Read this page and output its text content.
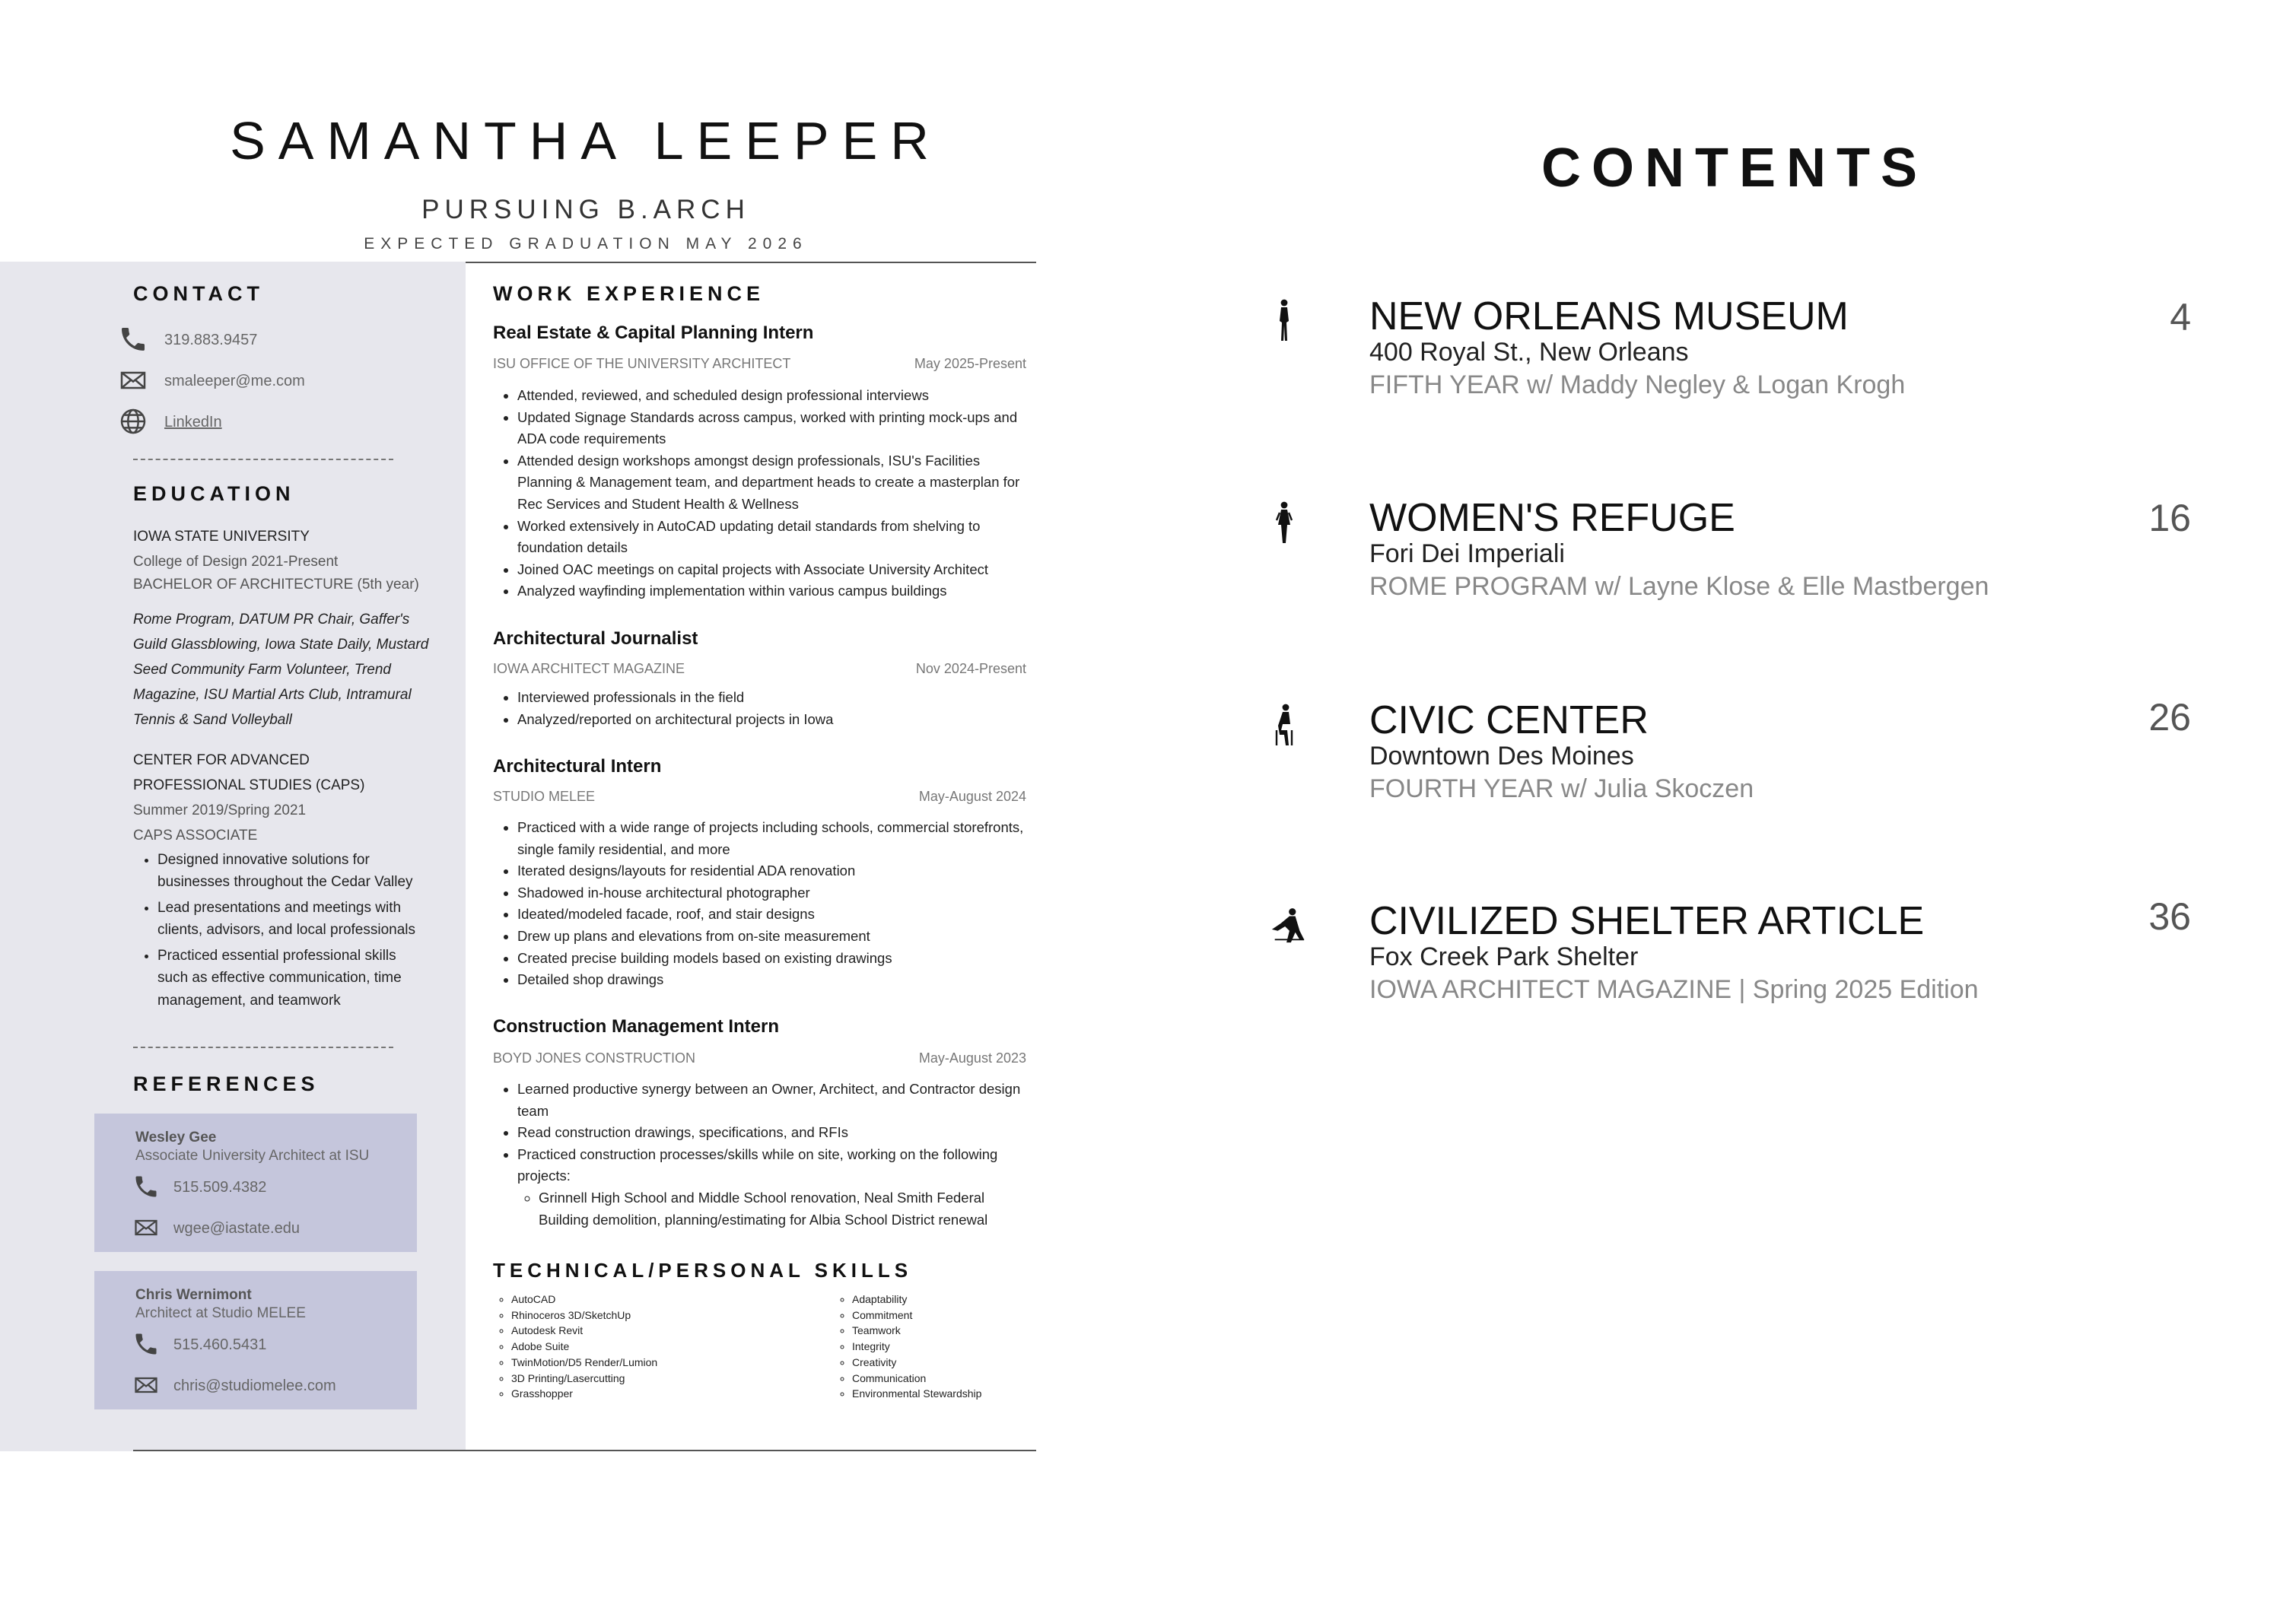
SAMANTHA LEEPER
PURSUING B.ARCH
EXPECTED GRADUATION MAY 2026
CONTACT
319.883.9457
smaleeper@me.com
LinkedIn
EDUCATION
IOWA STATE UNIVERSITY
College of Design 2021-Present
BACHELOR OF ARCHITECTURE (5th year)
Rome Program, DATUM PR Chair, Gaffer's Guild Glassblowing, Iowa State Daily, Mustard Seed Community Farm Volunteer, Trend Magazine, ISU Martial Arts Club, Intramural Tennis & Sand Volleyball
CENTER FOR ADVANCED
PROFESSIONAL STUDIES (CAPS)
Summer 2019/Spring 2021
CAPS ASSOCIATE
• Designed innovative solutions for businesses throughout the Cedar Valley
• Lead presentations and meetings with clients, advisors, and local professionals
• Practiced essential professional skills such as effective communication, time management, and teamwork
REFERENCES
Wesley Gee
Associate University Architect at ISU
515.509.4382
wgee@iastate.edu
Chris Wernimont
Architect at Studio MELEE
515.460.5431
chris@studiomelee.com
WORK EXPERIENCE
Real Estate & Capital Planning Intern
ISU OFFICE OF THE UNIVERSITY ARCHITECT	May 2025-Present
• Attended, reviewed, and scheduled design professional interviews
• Updated Signage Standards across campus, worked with printing mock-ups and ADA code requirements
• Attended design workshops amongst design professionals, ISU's Facilities Planning & Management team, and department heads to create a masterplan for Rec Services and Student Health & Wellness
• Worked extensively in AutoCAD updating detail standards from shelving to foundation details
• Joined OAC meetings on capital projects with Associate University Architect
• Analyzed wayfinding implementation within various campus buildings
Architectural Journalist
IOWA ARCHITECT MAGAZINE	Nov 2024-Present
• Interviewed professionals in the field
• Analyzed/reported on architectural projects in Iowa
Architectural Intern
STUDIO MELEE	May-August 2024
• Practiced with a wide range of projects including schools, commercial storefronts, single family residential, and more
• Iterated designs/layouts for residential ADA renovation
• Shadowed in-house architectural photographer
• Ideated/modeled facade, roof, and stair designs
• Drew up plans and elevations from on-site measurement
• Created precise building models based on existing drawings
• Detailed shop drawings
Construction Management Intern
BOYD JONES CONSTRUCTION	May-August 2023
• Learned productive synergy between an Owner, Architect, and Contractor design team
• Read construction drawings, specifications, and RFIs
• Practiced construction processes/skills while on site, working on the following projects:
◦ Grinnell High School and Middle School renovation, Neal Smith Federal Building demolition, planning/estimating for Albia School District renewal
TECHNICAL/PERSONAL SKILLS
◦ AutoCAD
◦ Rhinoceros 3D/SketchUp
◦ Autodesk Revit
◦ Adobe Suite
◦ TwinMotion/D5 Render/Lumion
◦ 3D Printing/Lasercutting
◦ Grasshopper
◦ Adaptability
◦ Commitment
◦ Teamwork
◦ Integrity
◦ Creativity
◦ Communication
◦ Environmental Stewardship
CONTENTS
NEW ORLEANS MUSEUM
400 Royal St., New Orleans
FIFTH YEAR w/ Maddy Negley & Logan Krogh
4
WOMEN'S REFUGE
Fori Dei Imperiali
ROME PROGRAM w/ Layne Klose & Elle Mastbergen
16
CIVIC CENTER
Downtown Des Moines
FOURTH YEAR w/ Julia Skoczen
26
CIVILIZED SHELTER ARTICLE
Fox Creek Park Shelter
IOWA ARCHITECT MAGAZINE | Spring 2025 Edition
36
